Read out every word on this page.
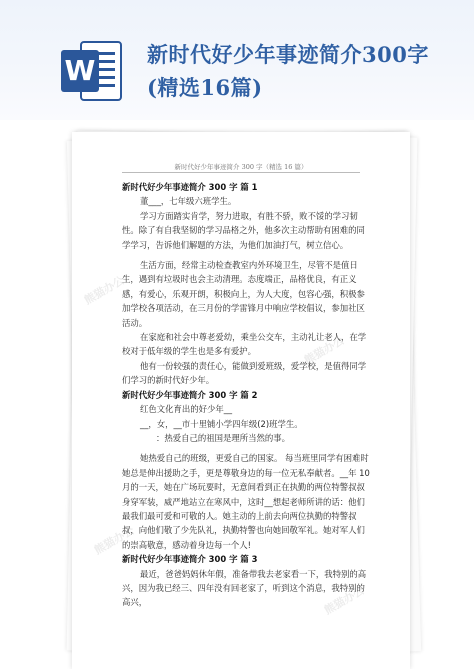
W 新时代好少年事迹简介300字(精选16篇)
新时代好少年事迹简介 300 字（精选 16 篇）
熊猫办公
熊猫办公
熊猫办公
熊猫办公

新时代好少年事迹简介 300 字 篇 1

董___，七年级六班学生。

学习方面踏实肯学，努力进取，有胜不骄，败不馁的学习韧性。除了有自我坚韧的学习品格之外，他多次主动帮助有困难的同学学习，告诉他们解题的方法，为他们加油打气，树立信心。

生活方面，经常主动检查教室内外环境卫生，尽管不是值日生，遇到有垃圾时也会主动清理。态度端正，品格优良，有正义感，有爱心，乐观开朗，积极向上，为人大度，包容心强，积极参加学校各项活动，在三月份的学雷锋月中响应学校倡议，参加社区活动。

在家庭和社会中尊老爱幼，乘坐公交车，主动礼让老人，在学校对于低年级的学生也是多有爱护。

他有一份较强的责任心，能做到爱班级，爱学校，是值得同学们学习的新时代好少年。

新时代好少年事迹简介 300 字 篇 2

红色文化育出的好少年__

__，女，__市十里铺小学四年级(2)班学生。

：热爱自己的祖国是理所当然的事。

她热爱自己的班级，更爱自己的国家。 每当班里同学有困难时她总是伸出援助之手，更是尊敬身边的每一位无私奉献者。__年 10 月的一天，她在广场玩要时，无意间看到正在执勤的两位特警叔叔身穿军装，威严地站立在寒风中，这时__想起老师所讲的话：他们最我们最可爱和可敬的人。她主动的上前去向两位执勤的特警叔叔，向他们敬了少先队礼，执勤特警也向她回敬军礼。她对军人们的崇高敬意，感动着身边每一个人!

新时代好少年事迹简介 300 字 篇 3

最近，爸爸妈妈休年假，准备带我去老家看一下，我特别的高兴，因为我已经三、四年没有回老家了，听到这个消息，我特别的高兴，
